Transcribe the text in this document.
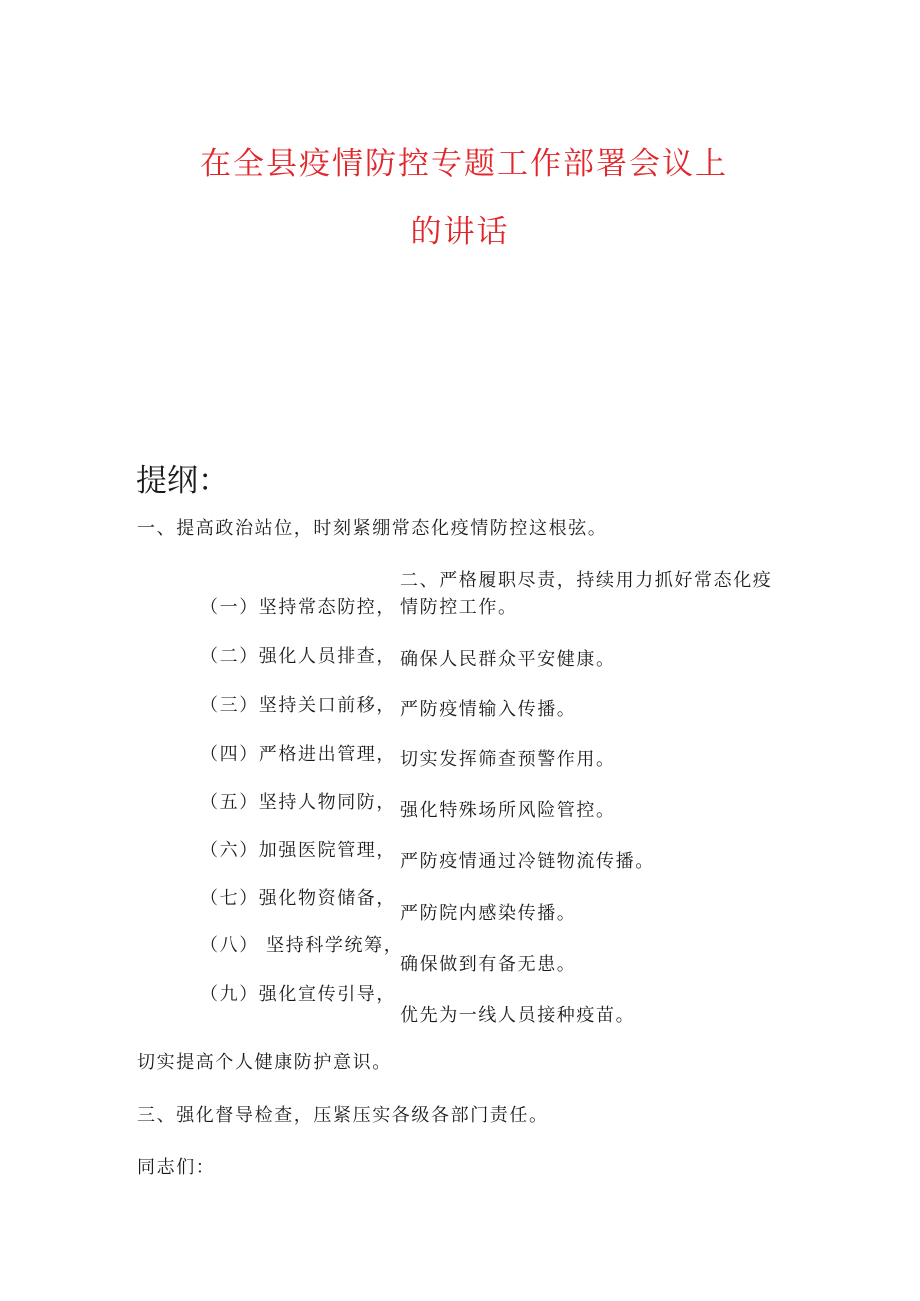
在全县疫情防控专题工作部署会议上
的讲话
提纲：
一、提高政治站位，时刻紧绷常态化疫情防控这根弦。
二、严格履职尽责，持续用力抓好常态化疫
情防控工作。
（一）坚持常态防控，
（二）强化人员排查，
（三）坚持关口前移，
（四）严格进出管理，
（五）坚持人物同防，
（六）加强医院管理，
（七）强化物资储备，
（八） 坚持科学统筹，
（九）强化宣传引导，
确保人民群众平安健康。
严防疫情输入传播。
切实发挥筛查预警作用。
强化特殊场所风险管控。
严防疫情通过冷链物流传播。
严防院内感染传播。
确保做到有备无患。
优先为一线人员接种疫苗。
切实提高个人健康防护意识。
三、强化督导检查，压紧压实各级各部门责任。
同志们：
